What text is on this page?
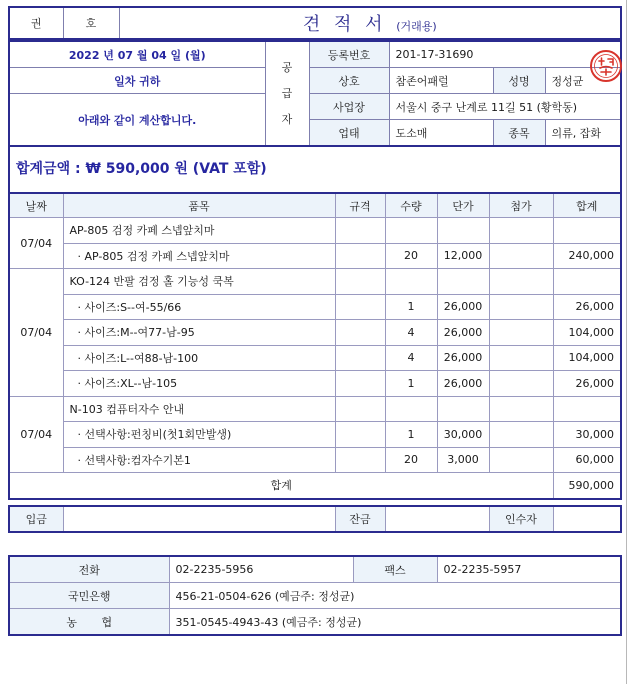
권	호	견 적 서 (거래용)
2022 년 07 월 04 일 (월)	공
급
자	등록번호	201-17-31690		
일차 귀하		상호	참존어패럴	성명	정성균
아래와 같이 계산합니다.		사업장	서울시 중구 난계로 11길 51 (황학동)		
		업태	도소매	종목	의류, 잡화
합계금액 : ₩ 590,000 원 (VAT 포함)
날짜	품목	규격	수량	단가	첨가	합계
07/04	AP-805 검정 카페 스넵앞치마					
	· AP-805 검정 카페 스넵앞치마		20	12,000		240,000
07/04	KO-124 반팔 검정 홀 기능성 쿡복					
	· 사이즈:S--여-55/66		1	26,000		26,000
	· 사이즈:M--여77-남-95		4	26,000		104,000
	· 사이즈:L--여88-남-100		4	26,000		104,000
	· 사이즈:XL--남-105		1	26,000		26,000
07/04	N-103 컴퓨터자수 안내					
	· 선택사항:펀칭비(첫1회만발생)		1	30,000		30,000
	· 선택사항:컴자수기본1		20	3,000		60,000
합계						590,000
입금		잔금		인수자	
전화	02-2235-5956	팩스	02-2235-5957
국민은행	456-21-0504-626 (예금주: 정성균)		
농       협	351-0545-4943-43 (예금주: 정성균)		
